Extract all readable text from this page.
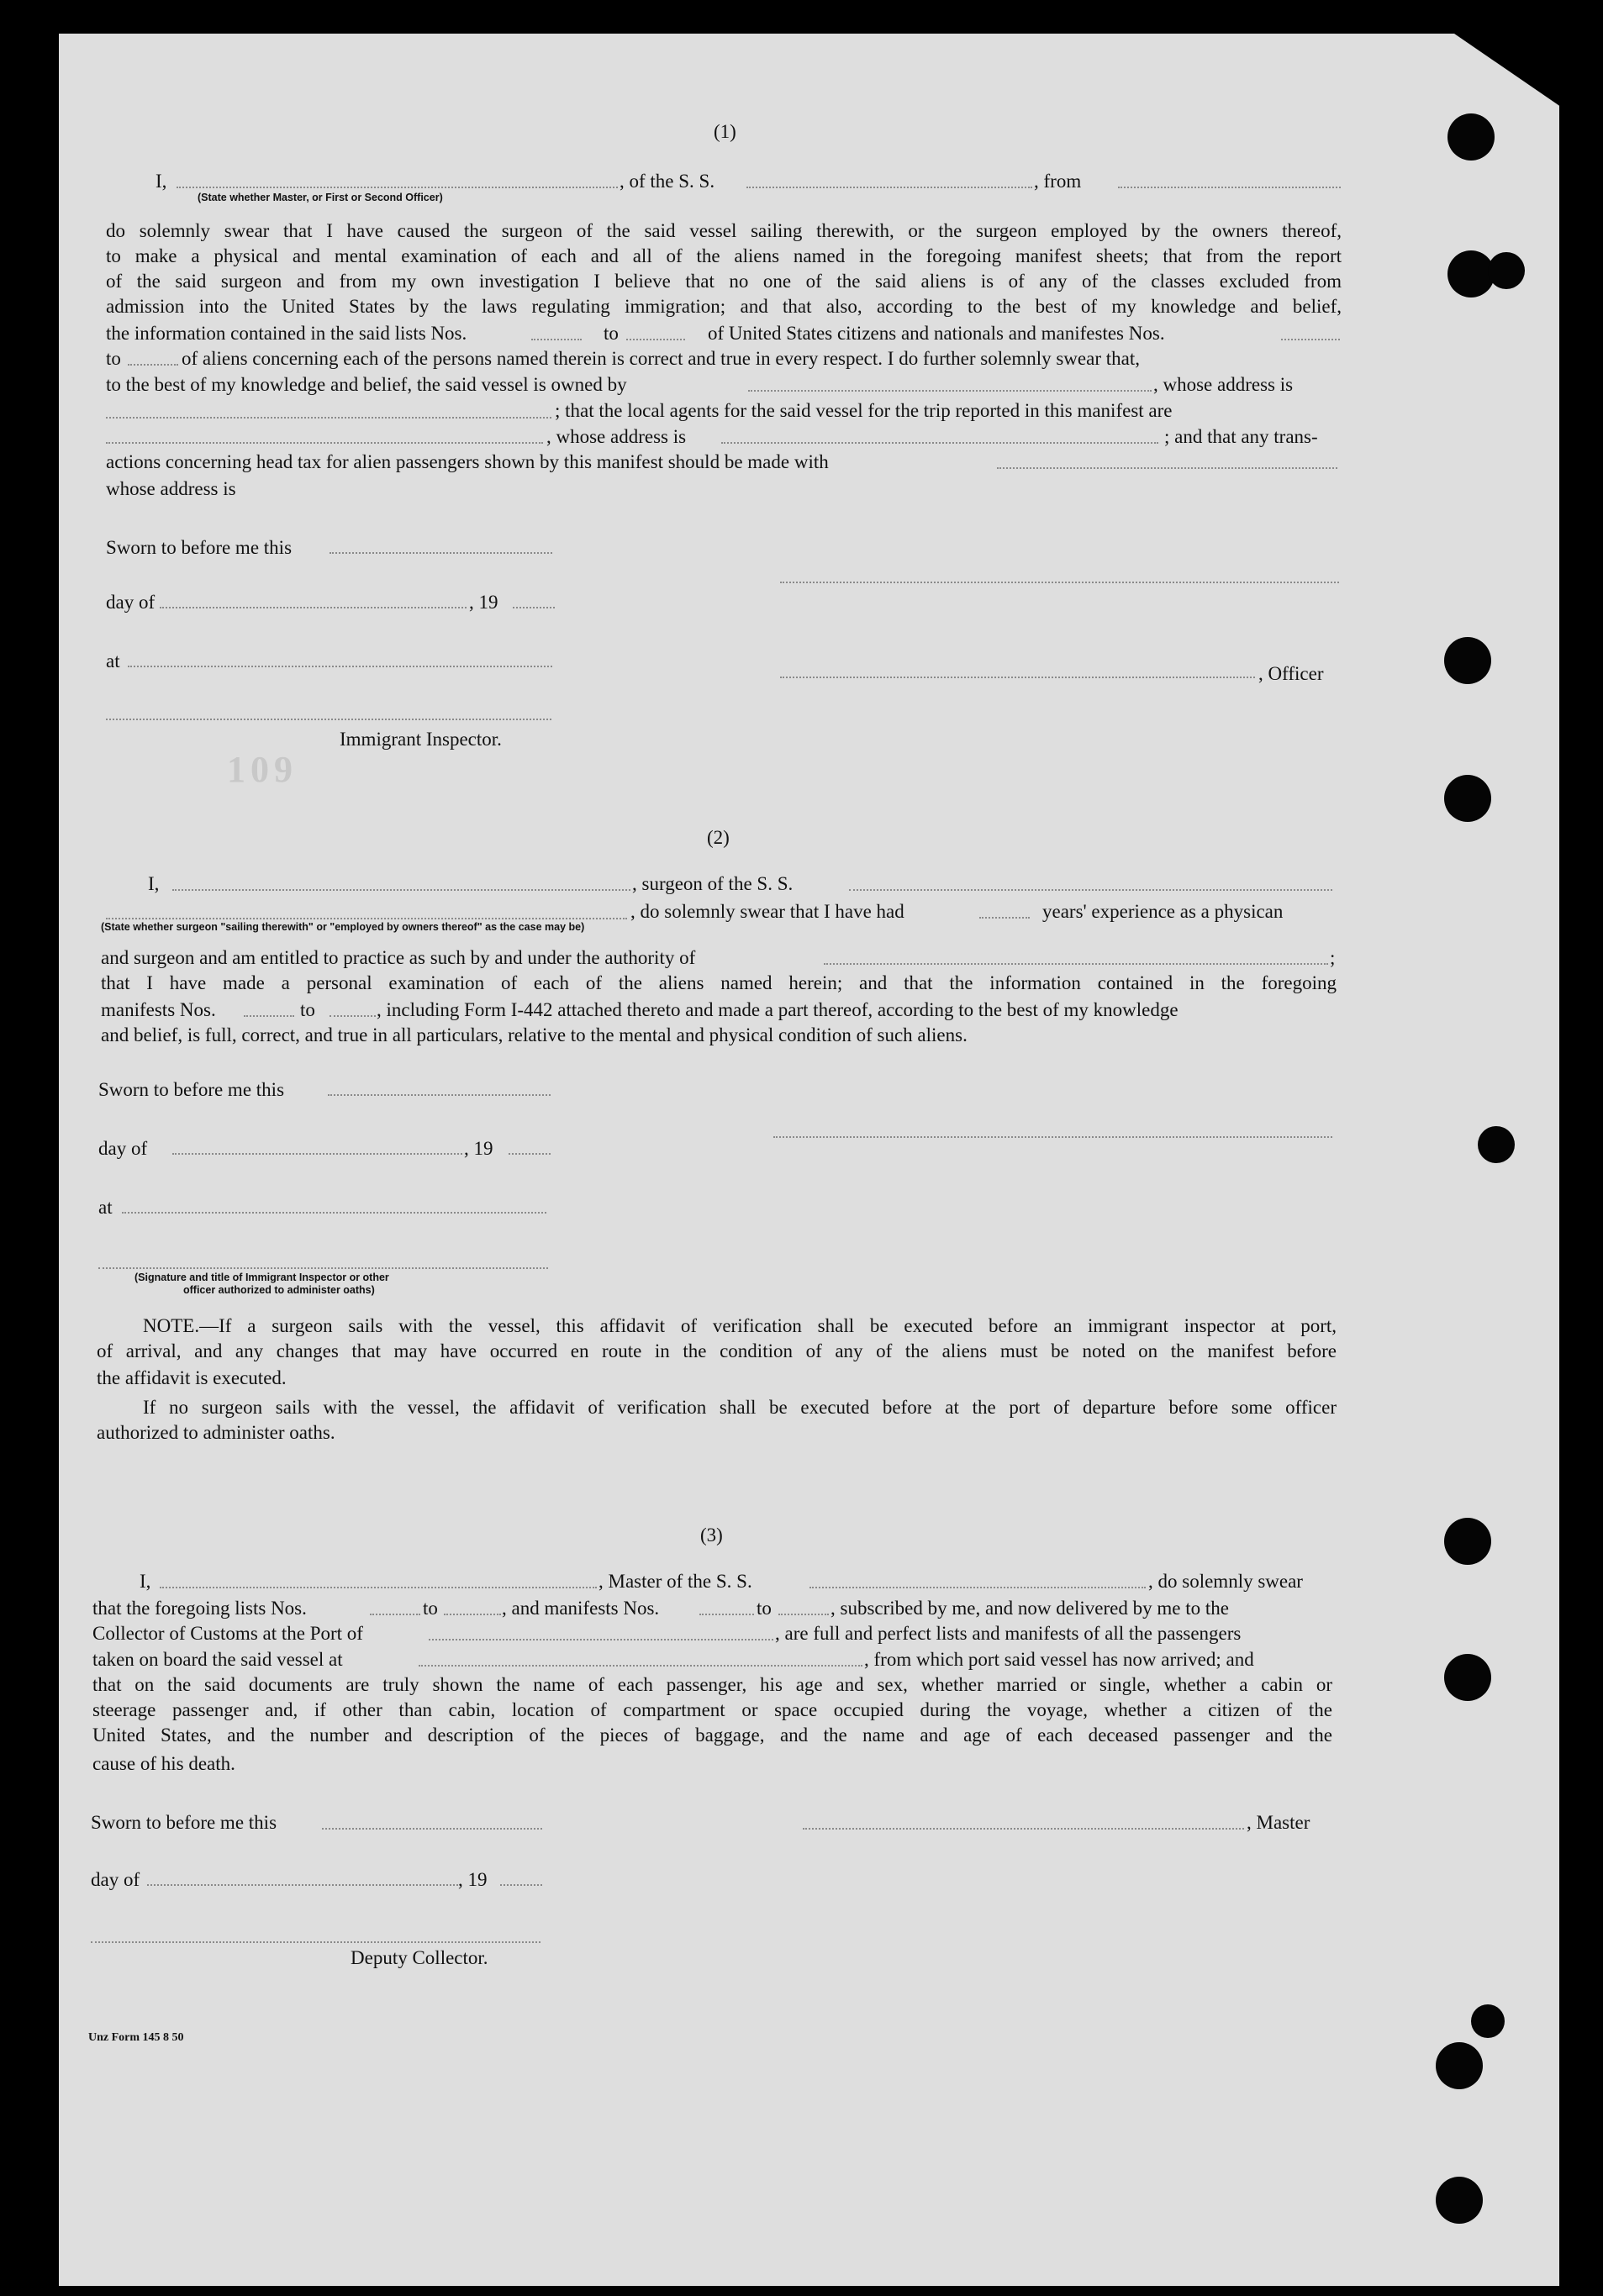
(1)
I,	, of the S. S.	, from
(State whether Master, or First or Second Officer)
do solemnly swear that I have caused the surgeon of the said vessel sailing therewith, or the surgeon employed by the owners thereof,
to make a physical and mental examination of each and all of the aliens named in the foregoing manifest sheets; that from the report
of the said surgeon and from my own investigation I believe that no one of the said aliens is of any of the classes excluded from
admission into the United States by the laws regulating immigration; and that also, according to the best of my knowledge and belief,
the information contained in the said lists Nos.	to	of United States citizens and nationals and manifestes Nos.
to	of aliens concerning each of the persons named therein is correct and true in every respect. I do further solemnly swear that,
to the best of my knowledge and belief, the said vessel is owned by	, whose address is
; that the local agents for the said vessel for the trip reported in this manifest are
, whose address is	; and that any trans-
actions concerning head tax for alien passengers shown by this manifest should be made with
whose address is
Sworn to before me this
day of	, 19
at
, Officer
Immigrant Inspector.
109
(2)
I,	, surgeon of the S. S.
, do solemnly swear that I have had	years' experience as a physican
(State whether surgeon "sailing therewith" or "employed by owners thereof" as the case may be)
and surgeon and am entitled to practice as such by and under the authority of	;
that I have made a personal examination of each of the aliens named herein; and that the information contained in the foregoing
manifests Nos.	to	, including Form I-442 attached thereto and made a part thereof, according to the best of my knowledge
and belief, is full, correct, and true in all particulars, relative to the mental and physical condition of such aliens.
Sworn to before me this
day of	, 19
at
(Signature and title of Immigrant Inspector or other
officer authorized to administer oaths)
NOTE.—If a surgeon sails with the vessel, this affidavit of verification shall be executed before an immigrant inspector at port,
of arrival, and any changes that may have occurred en route in the condition of any of the aliens must be noted on the manifest before
the affidavit is executed.
If no surgeon sails with the vessel, the affidavit of verification shall be executed before at the port of departure before some officer
authorized to administer oaths.
(3)
I,	, Master of the S. S.	, do solemnly swear
that the foregoing lists Nos.	to	, and manifests Nos.	to	, subscribed by me, and now delivered by me to the
Collector of Customs at the Port of	, are full and perfect lists and manifests of all the passengers
taken on board the said vessel at	, from which port said vessel has now arrived; and
that on the said documents are truly shown the name of each passenger, his age and sex, whether married or single, whether a cabin or
steerage passenger and, if other than cabin, location of compartment or space occupied during the voyage, whether a citizen of the
United States, and the number and description of the pieces of baggage, and the name and age of each deceased passenger and the
cause of his death.
Sworn to before me this	, Master
day of	, 19
Deputy Collector.
Unz Form 145 8 50
